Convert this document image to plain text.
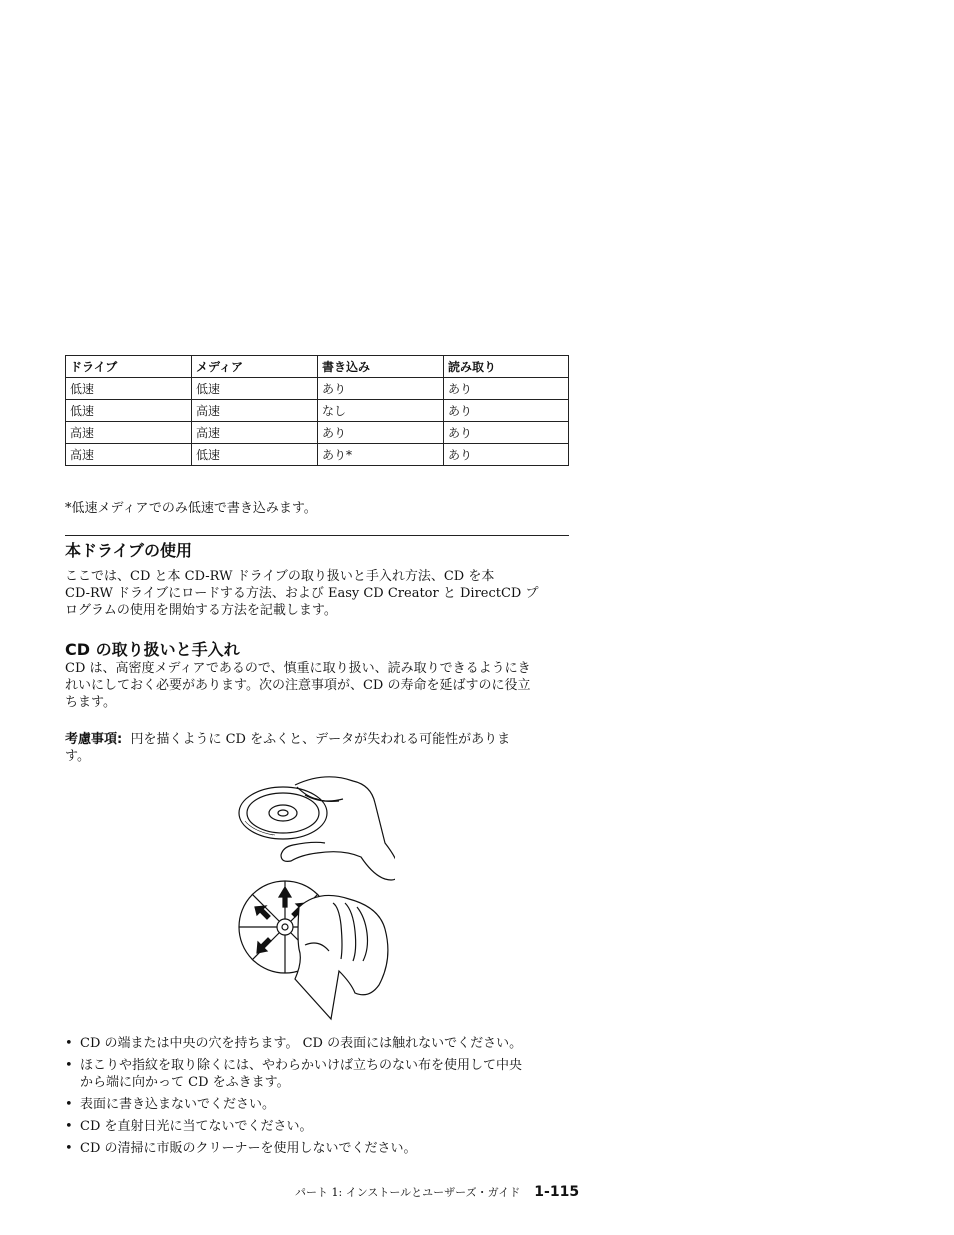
ドライブ	メディア	書き込み	読み取り
低速	低速	あり	あり
低速	高速	なし	あり
高速	高速	あり	あり
高速	低速	あり*	あり
*低速メディアでのみ低速で書き込みます。
本ドライブの使用

ここでは、CD と本 CD-RW ドライブの取り扱いと手入れ方法、CD を本

CD-RW ドライブにロードする方法、および Easy CD Creator と DirectCD プ

ログラムの使用を開始する方法を記載します。

CD の取り扱いと手入れ

CD は、高密度メディアであるので、慎重に取り扱い、読み取りできるようにき

れいにしておく必要があります。次の注意事項が、CD の寿命を延ばすのに役立

ちます。

考慮事項: 円を描くように CD をふくと、データが失われる可能性がありま

す。

• CD の端または中央の穴を持ちます。 CD の表面には触れないでください。
• ほこりや指紋を取り除くには、やわらかいけば立ちのない布を使用して中央
から端に向かって CD をふきます。
• 表面に書き込まないでください。
• CD を直射日光に当てないでください。
• CD の清掃に市販のクリーナーを使用しないでください。
パート 1: インストールとユーザーズ・ガイド 1-115
